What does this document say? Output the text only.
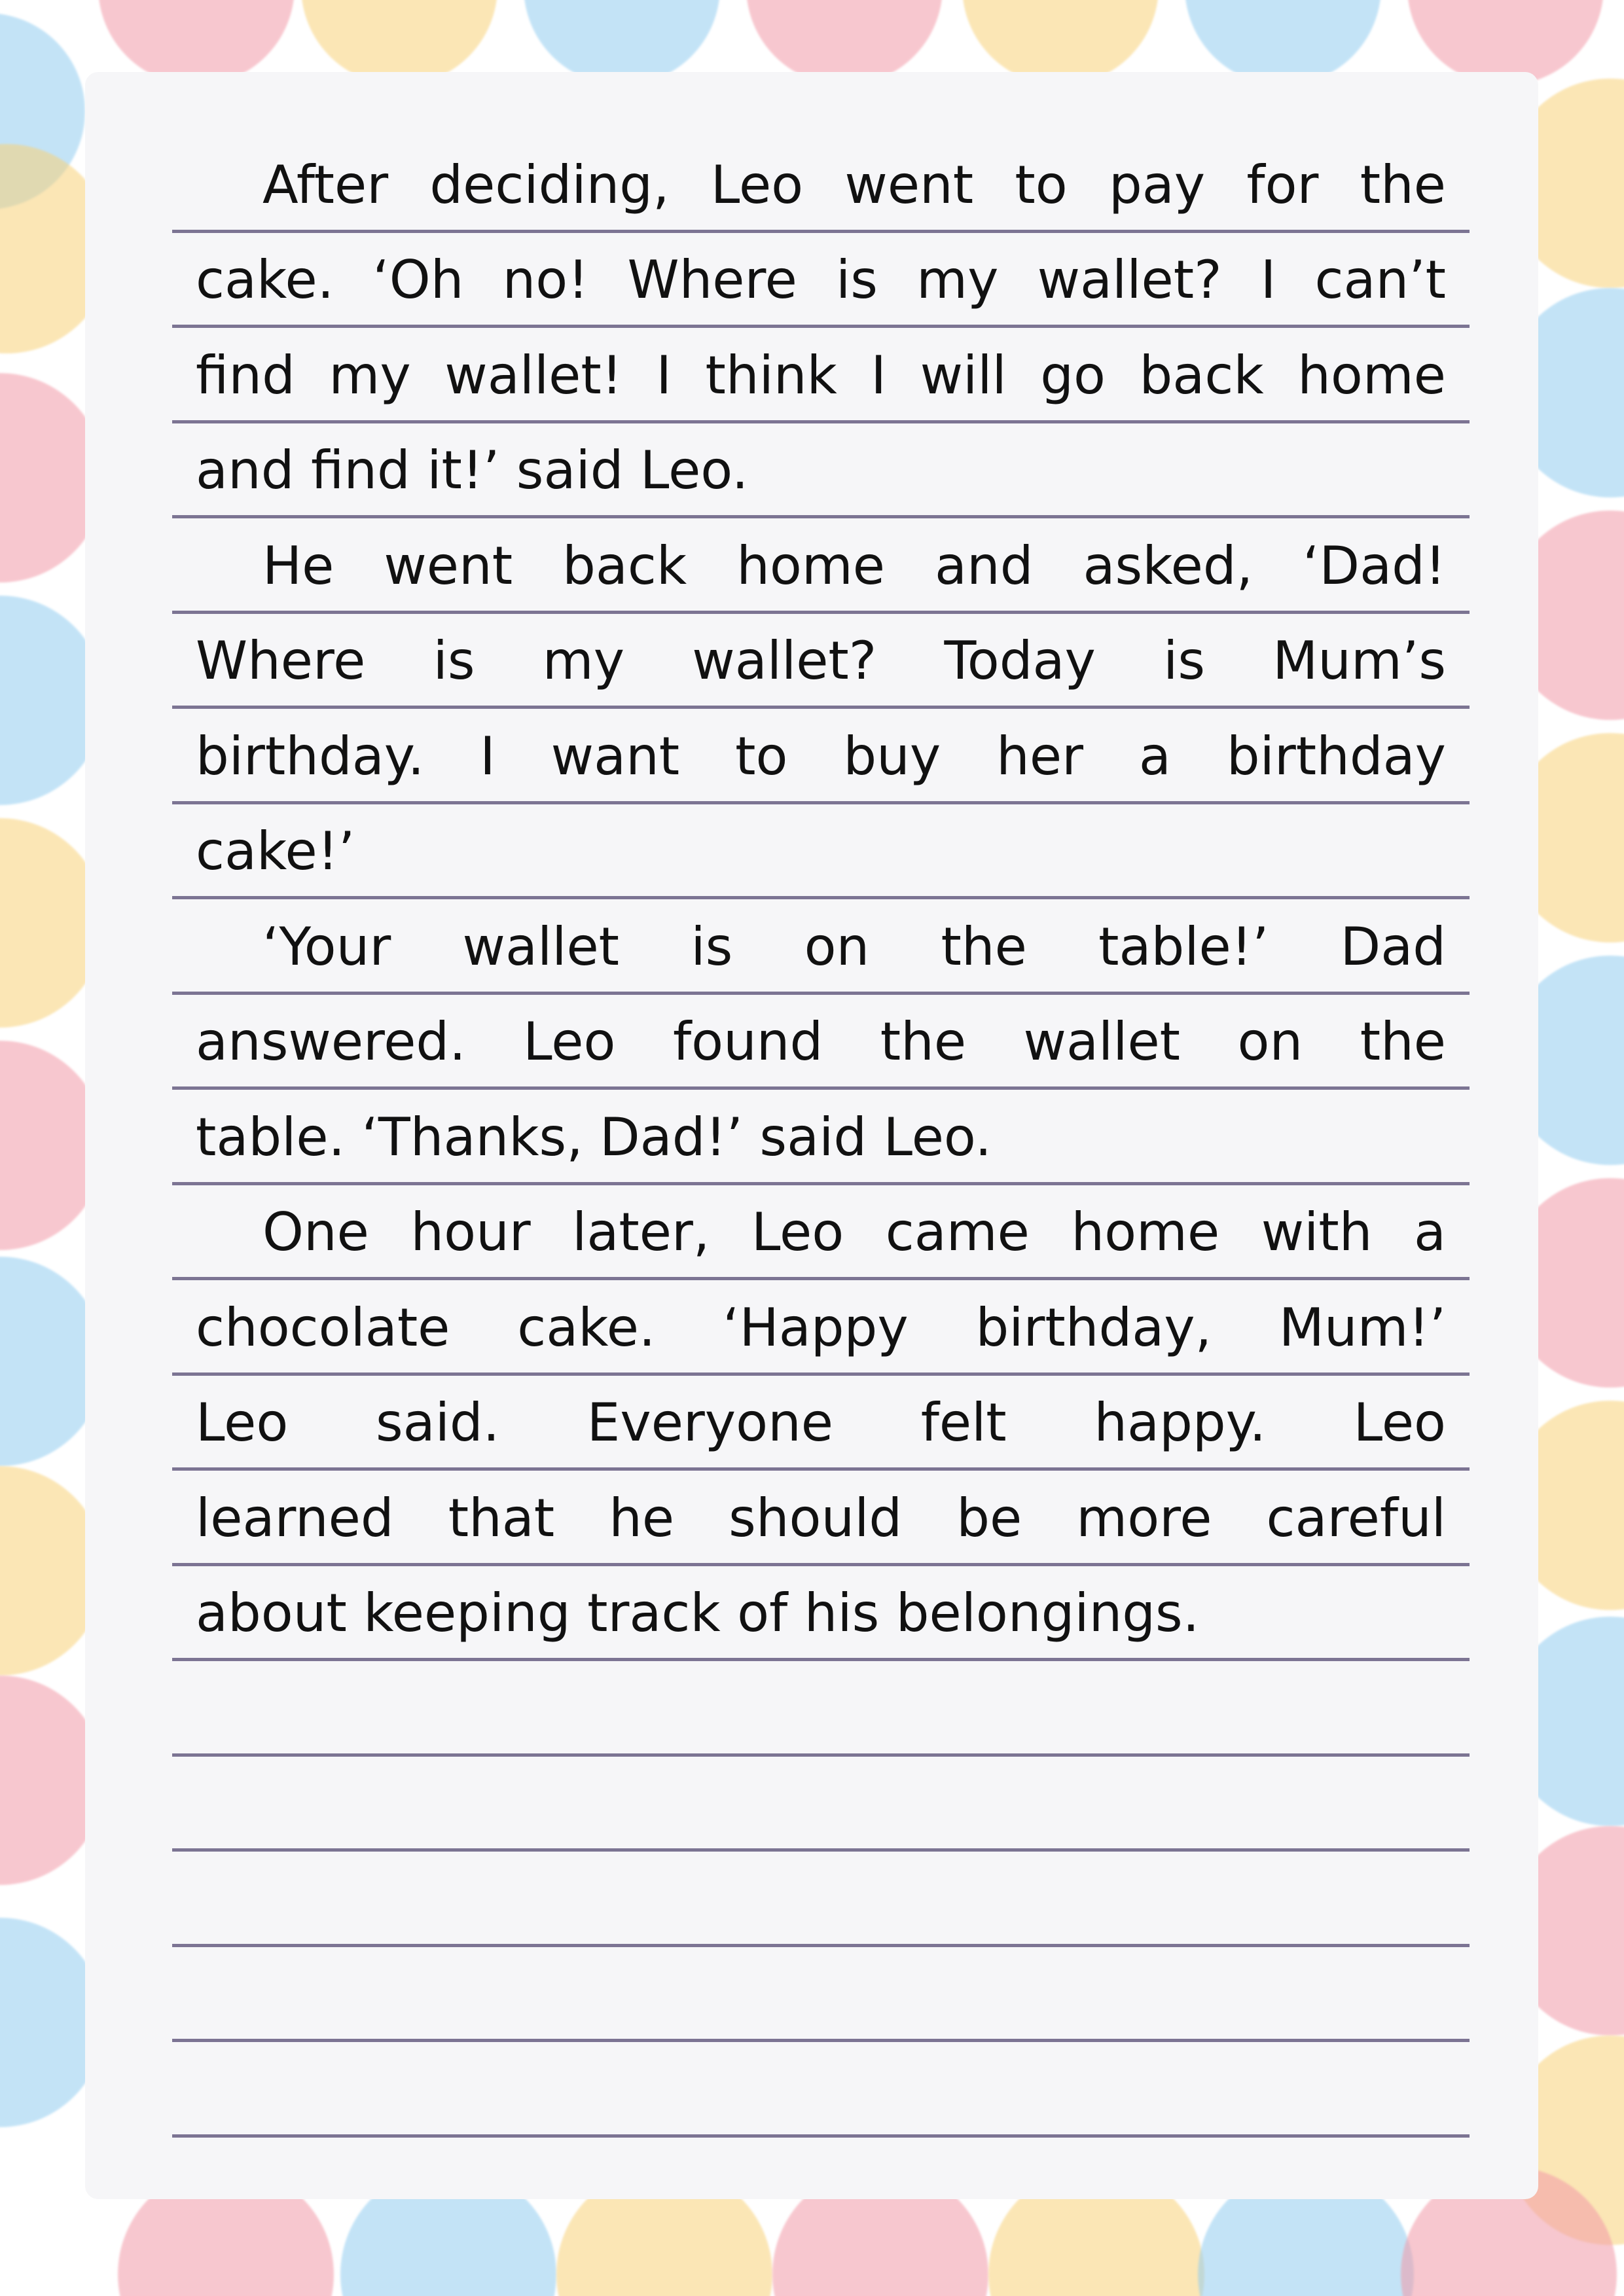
After deciding, Leo went to pay for the
cake. ‘Oh no! Where is my wallet? I can’t
find my wallet! I think I will go back home
and find it!’ said Leo.
He went back home and asked, ‘Dad!
Where is my wallet? Today is Mum’s
birthday. I want to buy her a birthday
cake!’
‘Your wallet is on the table!’ Dad
answered. Leo found the wallet on the
table. ‘Thanks, Dad!’ said Leo.
One hour later, Leo came home with a
chocolate cake. ‘Happy birthday, Mum!’
Leo said. Everyone felt happy. Leo
learned that he should be more careful
about keeping track of his belongings.
